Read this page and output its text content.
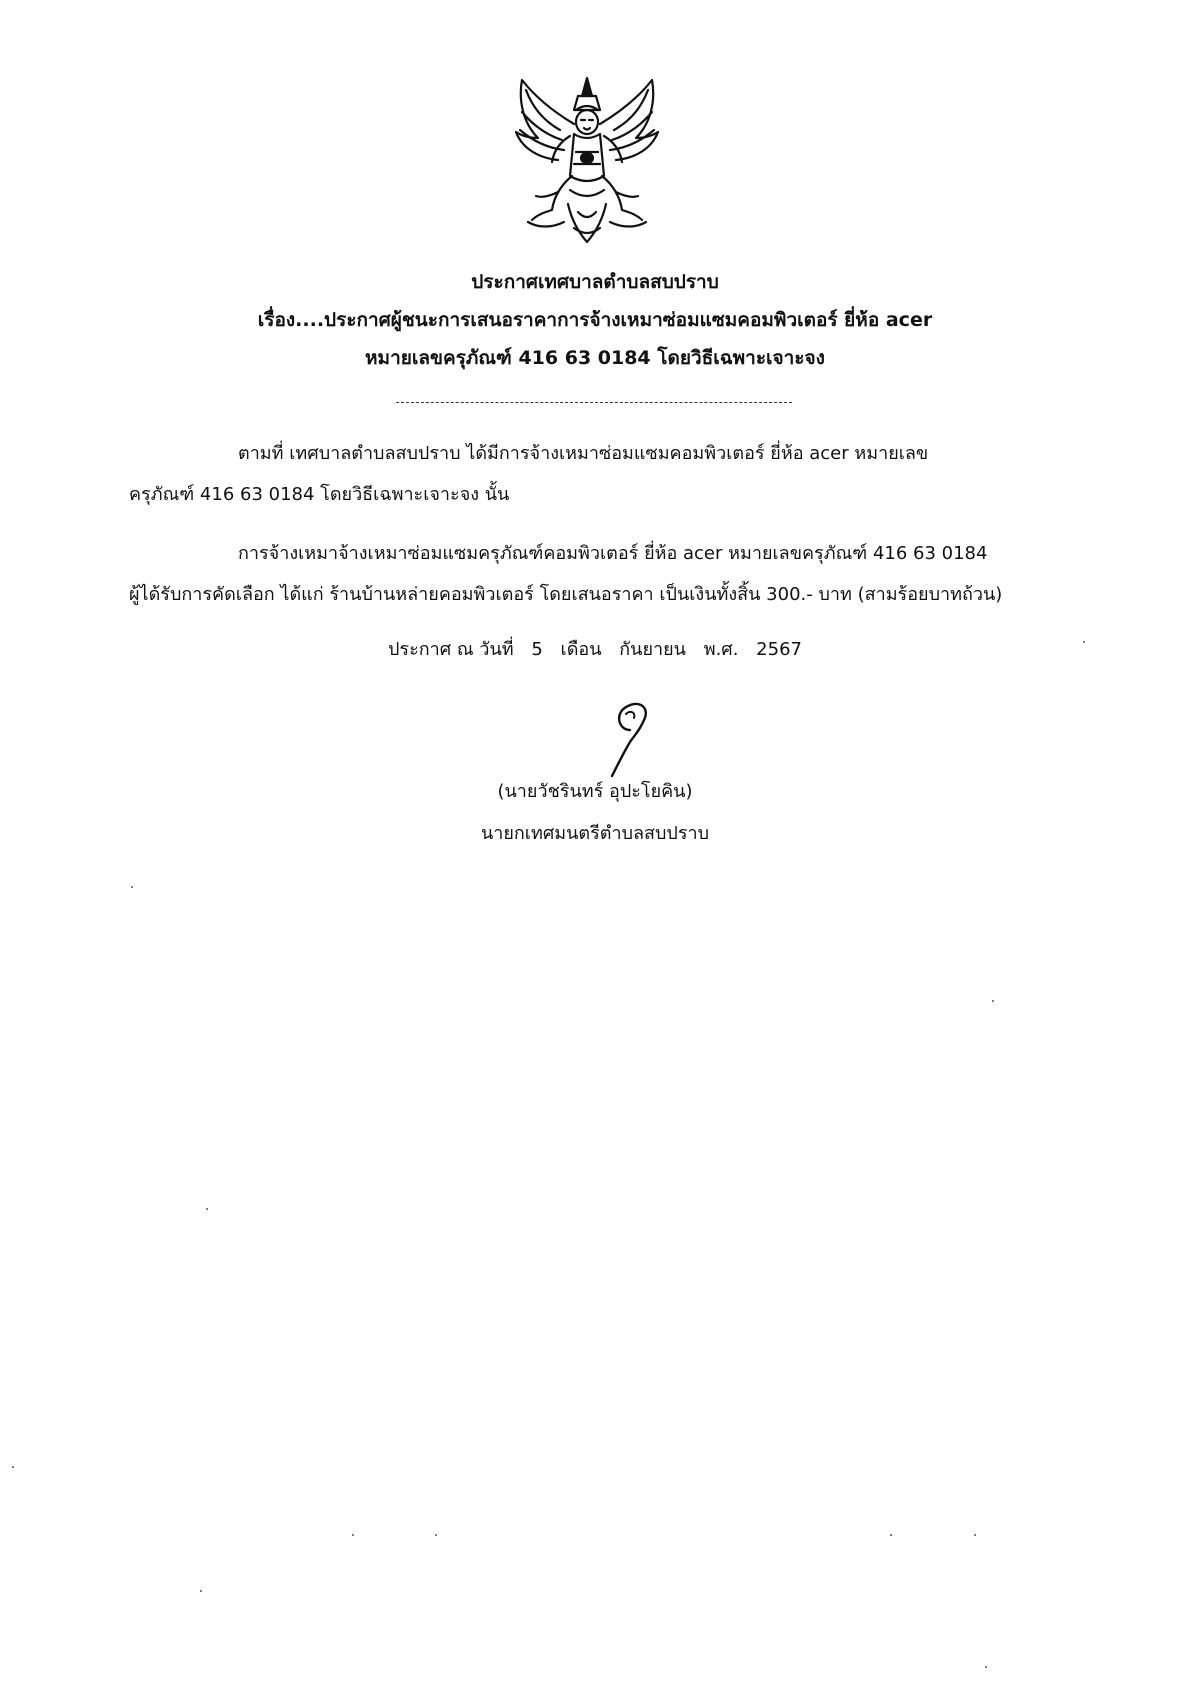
ประกาศเทศบาลตำบลสบปราบ
เรื่อง....ประกาศผู้ชนะการเสนอราคาการจ้างเหมาซ่อมแซมคอมพิวเตอร์ ยี่ห้อ acer
หมายเลขครุภัณฑ์ 416 63 0184 โดยวิธีเฉพาะเจาะจง
ตามที่ เทศบาลตำบลสบปราบ ได้มีการจ้างเหมาซ่อมแซมคอมพิวเตอร์ ยี่ห้อ acer หมายเลข
ครุภัณฑ์ 416 63 0184 โดยวิธีเฉพาะเจาะจง นั้น
การจ้างเหมาจ้างเหมาซ่อมแซมครุภัณฑ์คอมพิวเตอร์ ยี่ห้อ acer หมายเลขครุภัณฑ์ 416 63 0184
ผู้ได้รับการคัดเลือก ได้แก่ ร้านบ้านหล่ายคอมพิวเตอร์ โดยเสนอราคา เป็นเงินทั้งสิ้น 300.- บาท (สามร้อยบาทถ้วน)
ประกาศ ณ วันที่ 5 เดือน กันยายน พ.ศ. 2567
(นายวัชรินทร์ อุปะโยคิน)
นายกเทศมนตรีตำบลสบปราบ
